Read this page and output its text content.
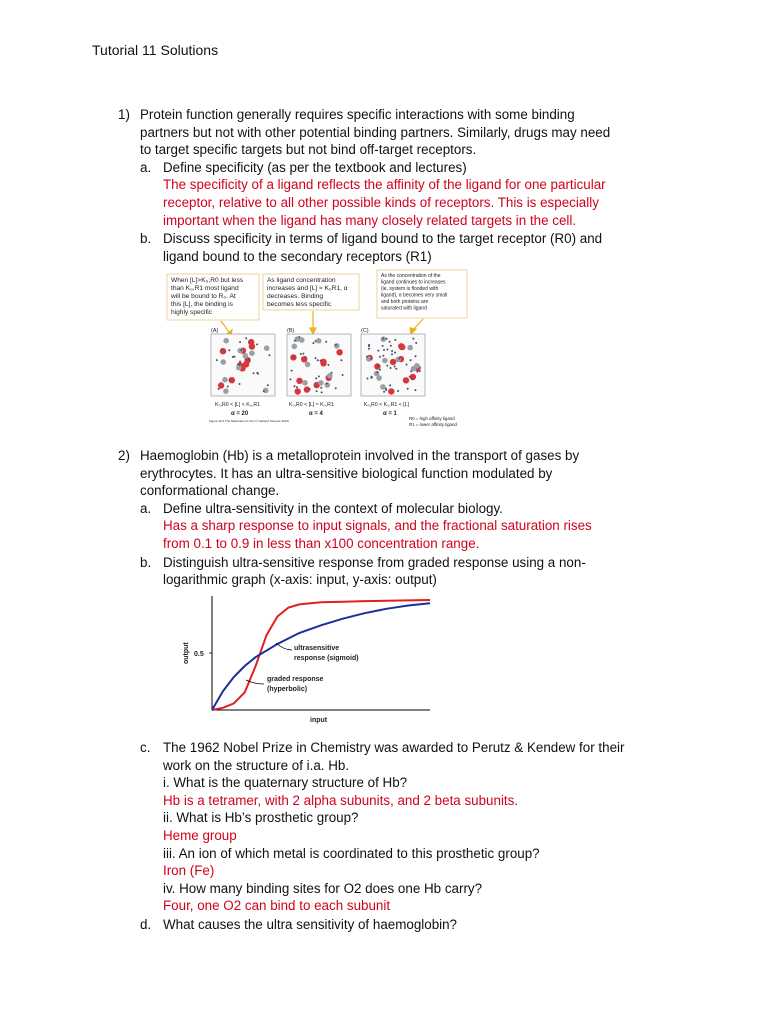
Tutorial 11 Solutions
1) Protein function generally requires specific interactions with some binding
partners but not with other potential binding partners. Similarly, drugs may need
to target specific targets but not bind off-target receptors.
a. Define specificity (as per the textbook and lectures)
The specificity of a ligand reflects the affinity of the ligand for one particular
receptor, relative to all other possible kinds of receptors. This is especially
important when the ligand has many closely related targets in the cell.
b. Discuss specificity in terms of ligand bound to the target receptor (R0) and
ligand bound to the secondary receptors (R1)
When [L]>K₀,R0 but less
than K₀,R1 most ligand
will be bound to R₀. At
this [L], the binding is
highly specific
As ligand concentration
increases and [L] ≈ K₀R1, α
decreases. Binding
becomes less specific
As the concentration of the
ligand continues to increases
(ie, system is flooded with
ligand), α becomes very small
and both proteins are
saturated with ligand
(A)	(B)	(C)
K₀,R0 < [L] < K₀,R1	K₀,R0 < [L] ≈ K₀,R1	K₀,R0 < K₀,R1 < [L]
α = 20	α = 4	α = 1
R0 = high affinity ligand
R1 = lower affinity ligand
Figure 16.2 The Molecules of Life (© Garland Science 2013)
2) Haemoglobin (Hb) is a metalloprotein involved in the transport of gases by
erythrocytes. It has an ultra-sensitive biological function modulated by
conformational change.
a. Define ultra-sensitivity in the context of molecular biology.
Has a sharp response to input signals, and the fractional saturation rises
from 0.1 to 0.9 in less than x100 concentration range.
b. Distinguish ultra-sensitive response from graded response using a non-
logarithmic graph (x-axis: input, y-axis: output)
0.5
output
input
ultrasensitive
response (sigmoid)
graded response
(hyperbolic)
c. The 1962 Nobel Prize in Chemistry was awarded to Perutz & Kendew for their
work on the structure of i.a. Hb.
i. What is the quaternary structure of Hb?
Hb is a tetramer, with 2 alpha subunits, and 2 beta subunits.
ii. What is Hb’s prosthetic group?
Heme group
iii. An ion of which metal is coordinated to this prosthetic group?
Iron (Fe)
iv. How many binding sites for O2 does one Hb carry?
Four, one O2 can bind to each subunit
d. What causes the ultra sensitivity of haemoglobin?
